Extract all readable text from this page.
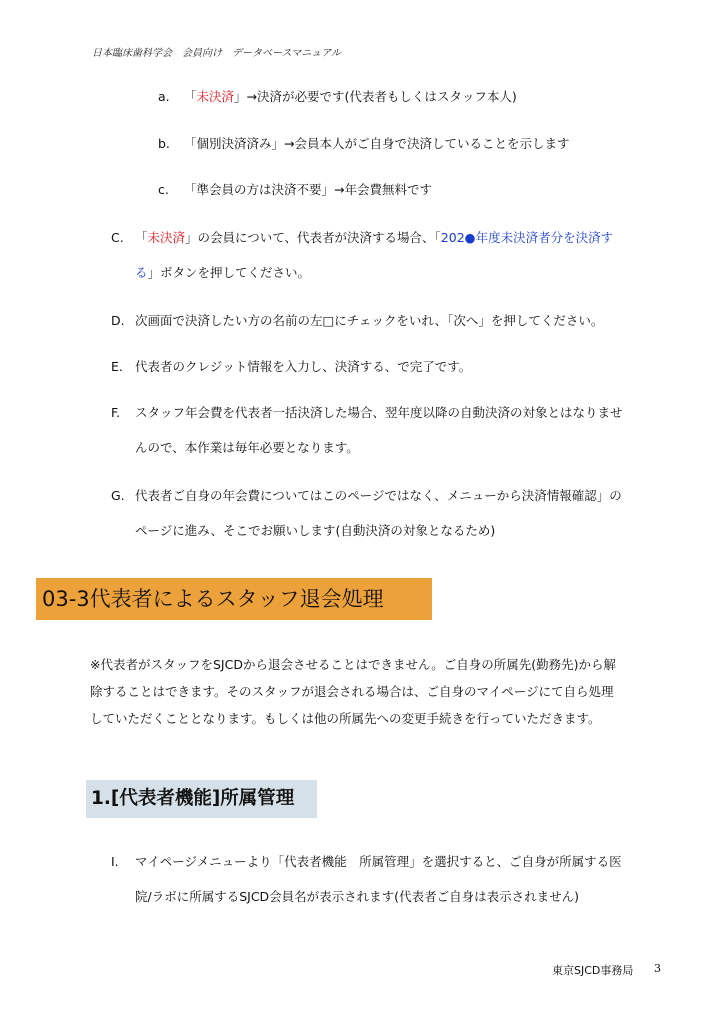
日本臨床歯科学会　会員向け　データベースマニュアル
a. 「未決済」→決済が必要です(代表者もしくはスタッフ本人)
b. 「個別決済済み」→会員本人がご自身で決済していることを示します
c. 「準会員の方は決済不要」→年会費無料です
C. 「未決済」の会員について、代表者が決済する場合、「202●年度未決済者分を決済す
る」ボタンを押してください。
D. 次画面で決済したい方の名前の左□にチェックをいれ、「次へ」を押してください。
E. 代表者のクレジット情報を入力し、決済する、で完了です。
F. スタッフ年会費を代表者一括決済した場合、翌年度以降の自動決済の対象とはなりませ
んので、本作業は毎年必要となります。
G. 代表者ご自身の年会費についてはこのページではなく、メニューから決済情報確認」の
ページに進み、そこでお願いします(自動決済の対象となるため)
03-3代表者によるスタッフ退会処理
※代表者がスタッフをSJCDから退会させることはできません。ご自身の所属先(勤務先)から解
除することはできます。そのスタッフが退会される場合は、ご自身のマイページにて自ら処理
していただくこととなります。もしくは他の所属先への変更手続きを行っていただきます。
1.[代表者機能]所属管理
I. マイページメニューより「代表者機能　所属管理」を選択すると、ご自身が所属する医
院/ラボに所属するSJCD会員名が表示されます(代表者ご自身は表示されません)
東京SJCD事務局 3
